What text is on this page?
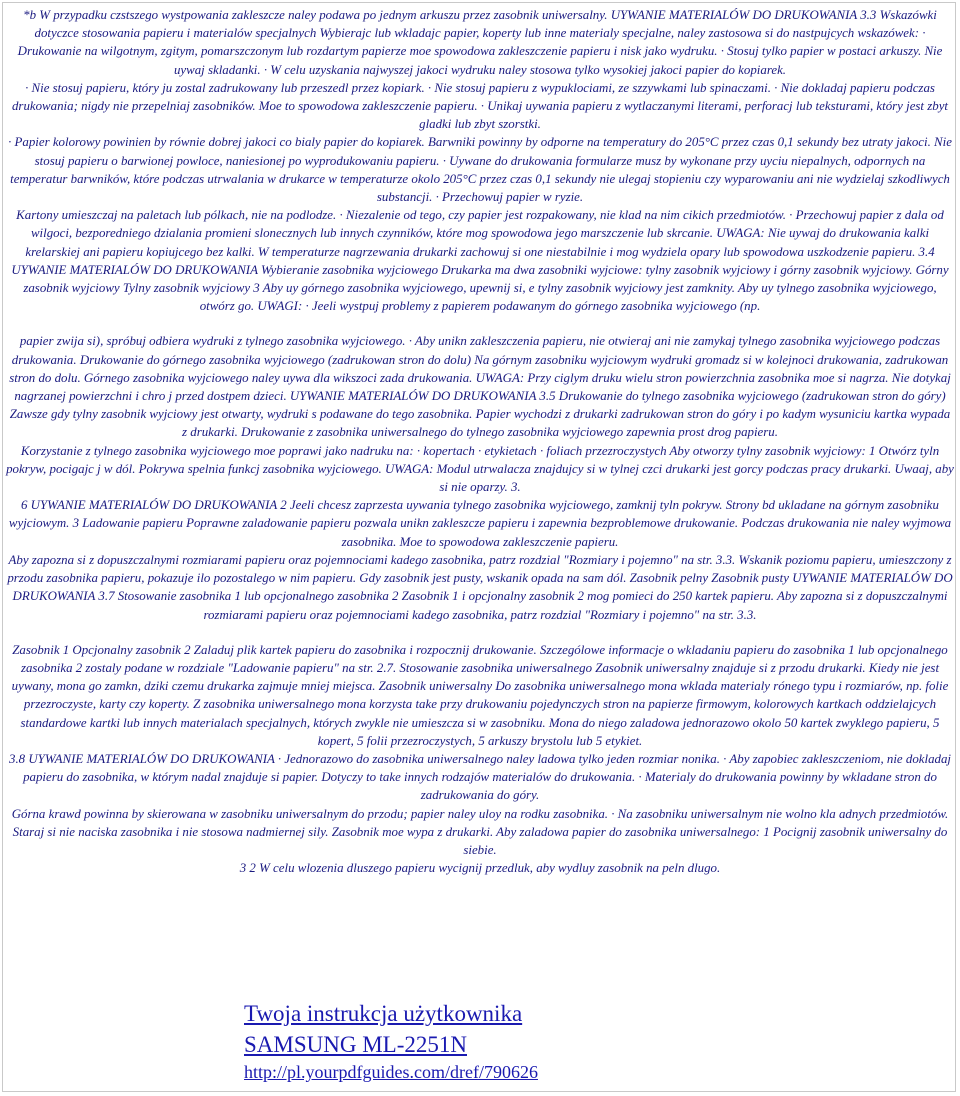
*b W przypadku czstszego wystpowania zakleszcze naley podawa po jednym arkuszu przez zasobnik uniwersalny. UYWANIE MATERIALÓW DO DRUKOWANIA 3.3 Wskazówki dotyczce stosowania papieru i materialów specjalnych Wybierajc lub wkladajc papier, koperty lub inne materialy specjalne, naley zastosowa si do nastpujcych wskazówek: · Drukowanie na wilgotnym, zgitym, pomarszczonym lub rozdartym papierze moe spowodowa zakleszczenie papieru i nisk jako wydruku. · Stosuj tylko papier w postaci arkuszy. Nie uywaj skladanki. · W celu uzyskania najwyszej jakoci wydruku naley stosowa tylko wysokiej jakoci papier do kopiarek.

· Nie stosuj papieru, który ju zostal zadrukowany lub przeszedl przez kopiark. · Nie stosuj papieru z wypuklociami, ze szzywkami lub spinaczami. · Nie dokladaj papieru podczas drukowania; nigdy nie przepelniaj zasobników. Moe to spowodowa zakleszczenie papieru. · Unikaj uywania papieru z wytlaczanymi literami, perforacj lub teksturami, który jest zbyt gladki lub zbyt szorstki.

· Papier kolorowy powinien by równie dobrej jakoci co bialy papier do kopiarek. Barwniki powinny by odporne na temperatury do 205°C przez czas 0,1 sekundy bez utraty jakoci. Nie stosuj papieru o barwionej powloce, naniesionej po wyprodukowaniu papieru. · Uywane do drukowania formularze musz by wykonane przy uyciu niepalnych, odpornych na temperatur barwników, które podczas utrwalania w drukarce w temperaturze okolo 205°C przez czas 0,1 sekundy nie ulegaj stopieniu czy wyparowaniu ani nie wydzielaj szkodliwych substancji. · Przechowuj papier w ryzie.

Kartony umieszczaj na paletach lub pólkach, nie na podlodze. · Niezalenie od tego, czy papier jest rozpakowany, nie klad na nim cikich przedmiotów. · Przechowuj papier z dala od wilgoci, bezporedniego dzialania promieni slonecznych lub innych czynników, które mog spowodowa jego marszczenie lub skrcanie. UWAGA: Nie uywaj do drukowania kalki krelarskiej ani papieru kopiujcego bez kalki. W temperaturze nagrzewania drukarki zachowuj si one niestabilnie i mog wydziela opary lub spowodowa uszkodzenie papieru. 3.4 UYWANIE MATERIALÓW DO DRUKOWANIA Wybieranie zasobnika wyjciowego Drukarka ma dwa zasobniki wyjciowe: tylny zasobnik wyjciowy i górny zasobnik wyjciowy. Górny zasobnik wyjciowy Tylny zasobnik wyjciowy 3 Aby uy górnego zasobnika wyjciowego, upewnij si, e tylny zasobnik wyjciowy jest zamknity. Aby uy tylnego zasobnika wyjciowego, otwórz go. UWAGI: · Jeeli wystpuj problemy z papierem podawanym do górnego zasobnika wyjciowego (np.

papier zwija si), spróbuj odbiera wydruki z tylnego zasobnika wyjciowego. · Aby unikn zakleszczenia papieru, nie otwieraj ani nie zamykaj tylnego zasobnika wyjciowego podczas drukowania. Drukowanie do górnego zasobnika wyjciowego (zadrukowan stron do dolu) Na górnym zasobniku wyjciowym wydruki gromadz si w kolejnoci drukowania, zadrukowan stron do dolu. Górnego zasobnika wyjciowego naley uywa dla wikszoci zada drukowania. UWAGA: Przy ciglym druku wielu stron powierzchnia zasobnika moe si nagrza. Nie dotykaj nagrzanej powierzchni i chro j przed dostpem dzieci. UYWANIE MATERIALÓW DO DRUKOWANIA 3.5 Drukowanie do tylnego zasobnika wyjciowego (zadrukowan stron do góry) Zawsze gdy tylny zasobnik wyjciowy jest otwarty, wydruki s podawane do tego zasobnika. Papier wychodzi z drukarki zadrukowan stron do góry i po kadym wysuniciu kartka wypada z drukarki. Drukowanie z zasobnika uniwersalnego do tylnego zasobnika wyjciowego zapewnia prost drog papieru.

Korzystanie z tylnego zasobnika wyjciowego moe poprawi jako nadruku na: · kopertach · etykietach · foliach przezroczystych Aby otworzy tylny zasobnik wyjciowy: 1 Otwórz tyln pokryw, pocigajc j w dól. Pokrywa spelnia funkcj zasobnika wyjciowego. UWAGA: Modul utrwalacza znajdujcy si w tylnej czci drukarki jest gorcy podczas pracy drukarki. Uwaaj, aby si nie oparzy. 3.

6 UYWANIE MATERIALÓW DO DRUKOWANIA 2 Jeeli chcesz zaprzesta uywania tylnego zasobnika wyjciowego, zamknij tyln pokryw. Strony bd ukladane na górnym zasobniku wyjciowym. 3 Ladowanie papieru Poprawne zaladowanie papieru pozwala unikn zakleszcze papieru i zapewnia bezproblemowe drukowanie. Podczas drukowania nie naley wyjmowa zasobnika. Moe to spowodowa zakleszczenie papieru.

Aby zapozna si z dopuszczalnymi rozmiarami papieru oraz pojemnociami kadego zasobnika, patrz rozdzial "Rozmiary i pojemno" na str. 3.3. Wskanik poziomu papieru, umieszczony z przodu zasobnika papieru, pokazuje ilo pozostalego w nim papieru. Gdy zasobnik jest pusty, wskanik opada na sam dól. Zasobnik pelny Zasobnik pusty UYWANIE MATERIALÓW DO DRUKOWANIA 3.7 Stosowanie zasobnika 1 lub opcjonalnego zasobnika 2 Zasobnik 1 i opcjonalny zasobnik 2 mog pomieci do 250 kartek papieru. Aby zapozna si z dopuszczalnymi rozmiarami papieru oraz pojemnociami kadego zasobnika, patrz rozdzial "Rozmiary i pojemno" na str. 3.3.

Zasobnik 1 Opcjonalny zasobnik 2 Zaladuj plik kartek papieru do zasobnika i rozpocznij drukowanie. Szczególowe informacje o wkladaniu papieru do zasobnika 1 lub opcjonalnego zasobnika 2 zostaly podane w rozdziale "Ladowanie papieru" na str. 2.7. Stosowanie zasobnika uniwersalnego Zasobnik uniwersalny znajduje si z przodu drukarki. Kiedy nie jest uywany, mona go zamkn, dziki czemu drukarka zajmuje mniej miejsca. Zasobnik uniwersalny Do zasobnika uniwersalnego mona wklada materialy rónego typu i rozmiarów, np. folie przezroczyste, karty czy koperty. Z zasobnika uniwersalnego mona korzysta take przy drukowaniu pojedynczych stron na papierze firmowym, kolorowych kartkach oddzielajcych standardowe kartki lub innych materialach specjalnych, których zwykle nie umieszcza si w zasobniku. Mona do niego zaladowa jednorazowo okolo 50 kartek zwyklego papieru, 5 kopert, 5 folii przezroczystych, 5 arkuszy brystolu lub 5 etykiet.

3.8 UYWANIE MATERIALÓW DO DRUKOWANIA · Jednorazowo do zasobnika uniwersalnego naley ladowa tylko jeden rozmiar nonika. · Aby zapobiec zakleszczeniom, nie dokladaj papieru do zasobnika, w którym nadal znajduje si papier. Dotyczy to take innych rodzajów materialów do drukowania. · Materialy do drukowania powinny by wkladane stron do zadrukowania do góry.

Górna krawd powinna by skierowana w zasobniku uniwersalnym do przodu; papier naley uloy na rodku zasobnika. · Na zasobniku uniwersalnym nie wolno kla adnych przedmiotów. Staraj si nie naciska zasobnika i nie stosowa nadmiernej sily. Zasobnik moe wypa z drukarki. Aby zaladowa papier do zasobnika uniwersalnego: 1 Pocignij zasobnik uniwersalny do siebie.

3 2 W celu wlozenia dluszego papieru wycignij przedluk, aby wydluy zasobnik na peln dlugo.

Twoja instrukcja użytkownika
SAMSUNG ML-2251N
http://pl.yourpdfguides.com/dref/790626
